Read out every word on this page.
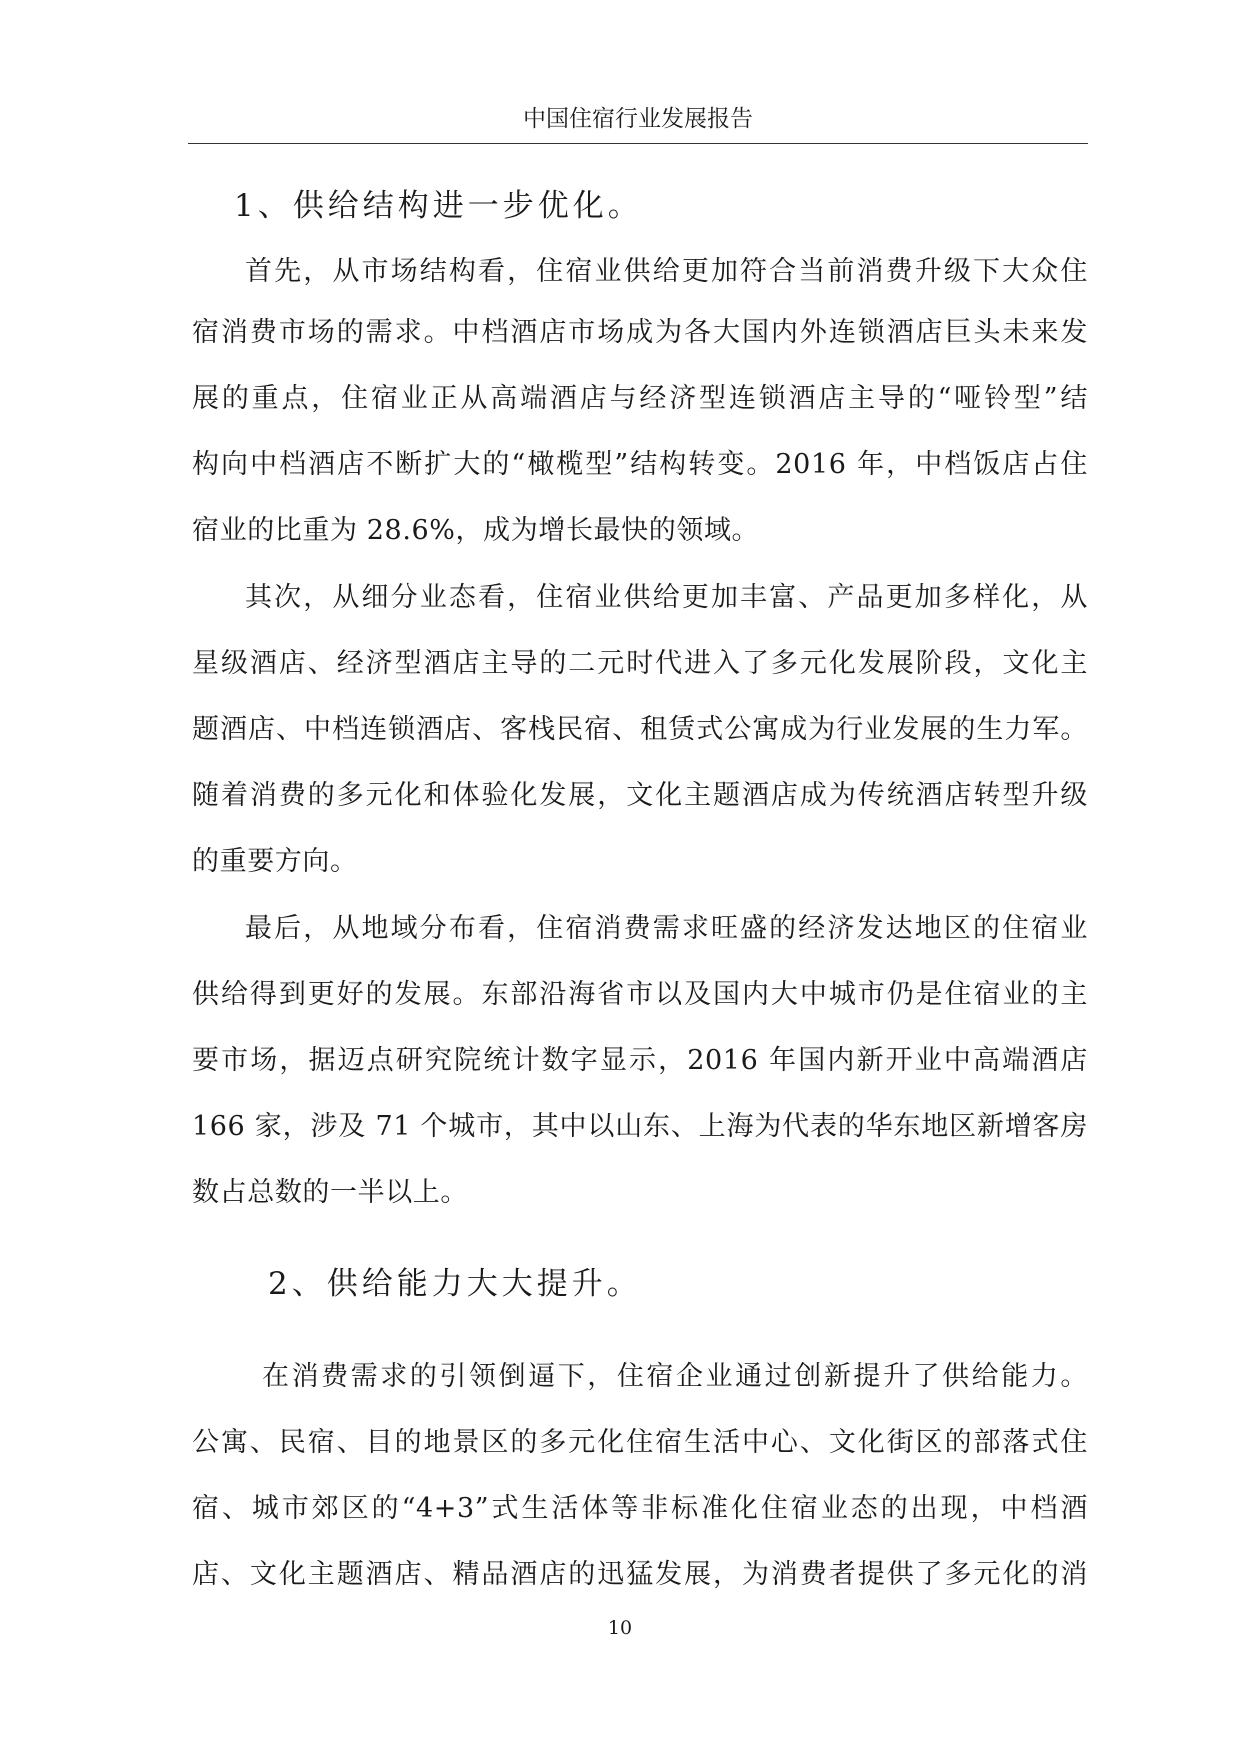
中国住宿行业发展报告
1、供给结构进一步优化。
首先，从市场结构看，住宿业供给更加符合当前消费升级下大众住
宿消费市场的需求。中档酒店市场成为各大国内外连锁酒店巨头未来发
展的重点，住宿业正从高端酒店与经济型连锁酒店主导的“哑铃型”结
构向中档酒店不断扩大的“橄榄型”结构转变。2016 年，中档饭店占住
宿业的比重为 28.6%，成为增长最快的领域。
其次，从细分业态看，住宿业供给更加丰富、产品更加多样化，从
星级酒店、经济型酒店主导的二元时代进入了多元化发展阶段，文化主
题酒店、中档连锁酒店、客栈民宿、租赁式公寓成为行业发展的生力军。
随着消费的多元化和体验化发展，文化主题酒店成为传统酒店转型升级
的重要方向。
最后，从地域分布看，住宿消费需求旺盛的经济发达地区的住宿业
供给得到更好的发展。东部沿海省市以及国内大中城市仍是住宿业的主
要市场，据迈点研究院统计数字显示，2016 年国内新开业中高端酒店
166 家，涉及 71 个城市，其中以山东、上海为代表的华东地区新增客房
数占总数的一半以上。
2、供给能力大大提升。
在消费需求的引领倒逼下，住宿企业通过创新提升了供给能力。
公寓、民宿、目的地景区的多元化住宿生活中心、文化街区的部落式住
宿、城市郊区的“4+3”式生活体等非标准化住宿业态的出现，中档酒
店、文化主题酒店、精品酒店的迅猛发展，为消费者提供了多元化的消
10
